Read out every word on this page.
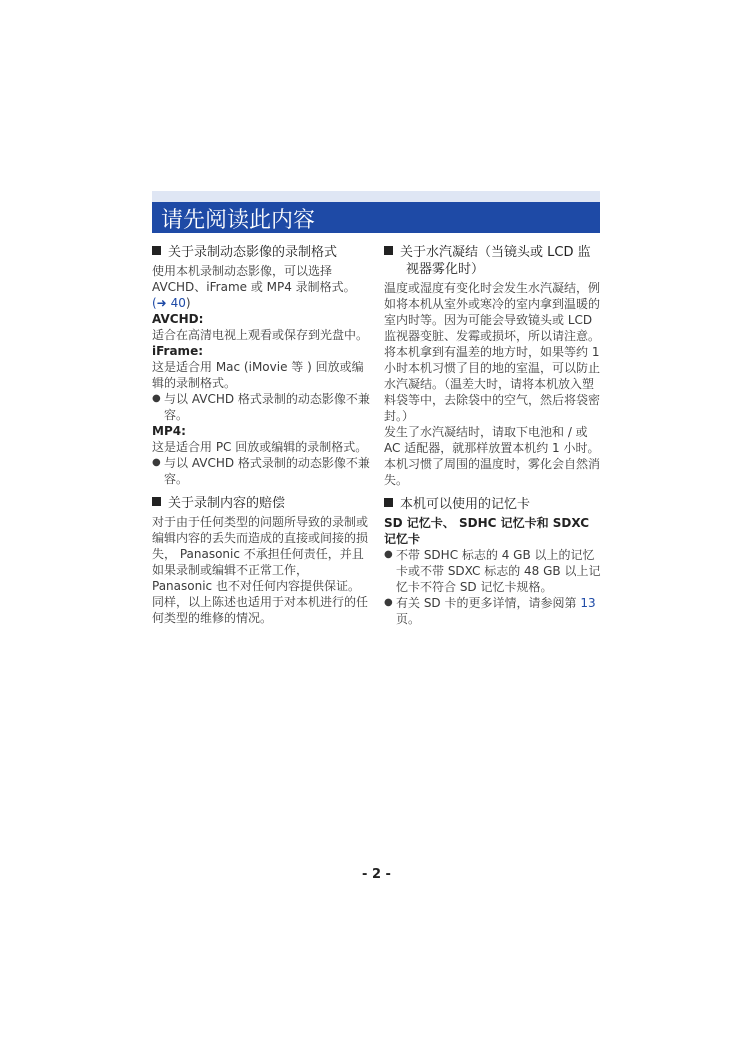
请先阅读此内容
关于录制动态影像的录制格式

使用本机录制动态影像，可以选择 AVCHD、iFrame 或 MP4 录制格式。
(➜ 40)

AVCHD:

适合在高清电视上观看或保存到光盘中。

iFrame:

这是适合用 Mac (iMovie 等 ) 回放或编辑的录制格式。

● 与以 AVCHD 格式录制的动态影像不兼容。

MP4:

这是适合用 PC 回放或编辑的录制格式。

● 与以 AVCHD 格式录制的动态影像不兼容。

关于录制内容的赔偿

对于由于任何类型的问题所导致的录制或编辑内容的丢失而造成的直接或间接的损失， Panasonic 不承担任何责任，并且如果录制或编辑不正常工作， Panasonic 也不对任何内容提供保证。同样，以上陈述也适用于对本机进行的任何类型的维修的情况。

关于水汽凝结（当镜头或 LCD 监视器雾化时）

温度或湿度有变化时会发生水汽凝结，例如将本机从室外或寒冷的室内拿到温暖的室内时等。因为可能会导致镜头或 LCD 监视器变脏、发霉或损坏，所以请注意。

将本机拿到有温差的地方时，如果等约 1 小时本机习惯了目的地的室温，可以防止水汽凝结。（温差大时，请将本机放入塑料袋等中，去除袋中的空气，然后将袋密封。）

发生了水汽凝结时，请取下电池和 / 或 AC 适配器，就那样放置本机约 1 小时。本机习惯了周围的温度时，雾化会自然消失。

本机可以使用的记忆卡

SD 记忆卡、 SDHC 记忆卡和 SDXC 记忆卡

● 不带 SDHC 标志的 4 GB 以上的记忆卡或不带 SDXC 标志的 48 GB 以上记忆卡不符合 SD 记忆卡规格。

● 有关 SD 卡的更多详情，请参阅第 13 页。

- 2 -
